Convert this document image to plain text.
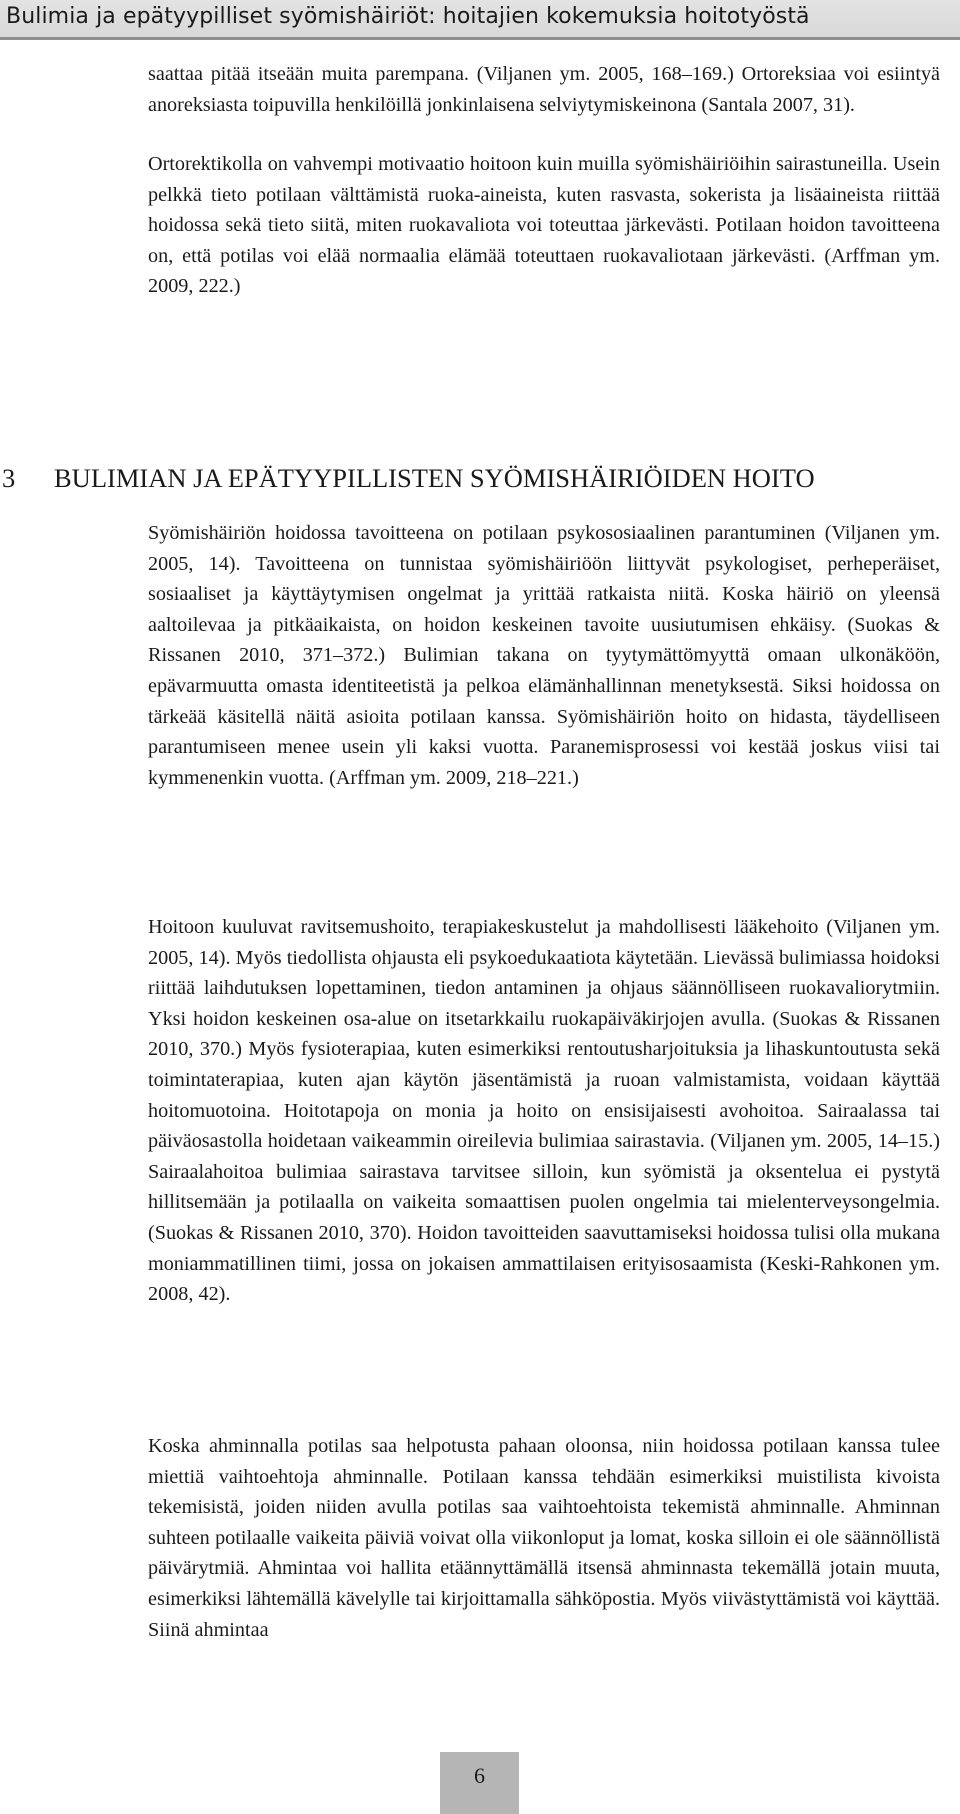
Bulimia ja epätyypilliset syömishäiriöt: hoitajien kokemuksia hoitotyöstä

saattaa pitää itseään muita parempana. (Viljanen ym. 2005, 168–169.) Ortoreksiaa voi esiintyä anoreksiasta toipuvilla henkilöillä jonkinlaisena selviytymiskeinona (Santala 2007, 31).

Ortorektikolla on vahvempi motivaatio hoitoon kuin muilla syömishäiriöihin sairastuneilla. Usein pelkkä tieto potilaan välttämistä ruoka-aineista, kuten rasvasta, sokerista ja lisäaineista riittää hoidossa sekä tieto siitä, miten ruokavaliota voi toteuttaa järkevästi. Potilaan hoidon tavoitteena on, että potilas voi elää normaalia elämää toteuttaen ruokavaliotaan järkevästi. (Arffman ym. 2009, 222.)

3 BULIMIAN JA EPÄTYYPILLISTEN SYÖMISHÄIRIÖIDEN HOITO

Syömishäiriön hoidossa tavoitteena on potilaan psykososiaalinen parantuminen (Viljanen ym. 2005, 14). Tavoitteena on tunnistaa syömishäiriöön liittyvät psykologiset, perheperäiset, sosiaaliset ja käyttäytymisen ongelmat ja yrittää ratkaista niitä. Koska häiriö on yleensä aaltoilevaa ja pitkäaikaista, on hoidon keskeinen tavoite uusiutumisen ehkäisy. (Suokas & Rissanen 2010, 371–372.) Bulimian takana on tyytymättömyyttä omaan ulkonäköön, epävarmuutta omasta identiteetistä ja pelkoa elämänhallinnan menetyksestä. Siksi hoidossa on tärkeää käsitellä näitä asioita potilaan kanssa. Syömishäiriön hoito on hidasta, täydelliseen parantumiseen menee usein yli kaksi vuotta. Paranemisprosessi voi kestää joskus viisi tai kymmenenkin vuotta. (Arffman ym. 2009, 218–221.)

Hoitoon kuuluvat ravitsemushoito, terapiakeskustelut ja mahdollisesti lääkehoito (Viljanen ym. 2005, 14). Myös tiedollista ohjausta eli psykoedukaatiota käytetään. Lievässä bulimiassa hoidoksi riittää laihdutuksen lopettaminen, tiedon antaminen ja ohjaus säännölliseen ruokavaliorytmiin. Yksi hoidon keskeinen osa-alue on itsetarkkailu ruokapäiväkirjojen avulla. (Suokas & Rissanen 2010, 370.) Myös fysioterapiaa, kuten esimerkiksi rentoutusharjoituksia ja lihaskuntoutusta sekä toimintaterapiaa, kuten ajan käytön jäsentämistä ja ruoan valmistamista, voidaan käyttää hoitomuotoina. Hoitotapoja on monia ja hoito on ensisijaisesti avohoitoa. Sairaalassa tai päiväosastolla hoidetaan vaikeammin oireilevia bulimiaa sairastavia. (Viljanen ym. 2005, 14–15.) Sairaalahoitoa bulimiaa sairastava tarvitsee silloin, kun syömistä ja oksentelua ei pystytä hillitsemään ja potilaalla on vaikeita somaattisen puolen ongelmia tai mielenterveysongelmia. (Suokas & Rissanen 2010, 370). Hoidon tavoitteiden saavuttamiseksi hoidossa tulisi olla mukana moniammatillinen tiimi, jossa on jokaisen ammattilaisen erityisosaamista (Keski-Rahkonen ym. 2008, 42).

Koska ahminnalla potilas saa helpotusta pahaan oloonsa, niin hoidossa potilaan kanssa tulee miettiä vaihtoehtoja ahminnalle. Potilaan kanssa tehdään esimerkiksi muistilista kivoista tekemisistä, joiden niiden avulla potilas saa vaihtoehtoista tekemistä ahminnalle. Ahminnan suhteen potilaalle vaikeita päiviä voivat olla viikonloput ja lomat, koska silloin ei ole säännöllistä päivärytmiä. Ahmintaa voi hallita etäännyttämällä itsensä ahminnasta tekemällä jotain muuta, esimerkiksi lähtemällä kävelylle tai kirjoittamalla sähköpostia. Myös viivästyttämistä voi käyttää. Siinä ahmintaa

6
